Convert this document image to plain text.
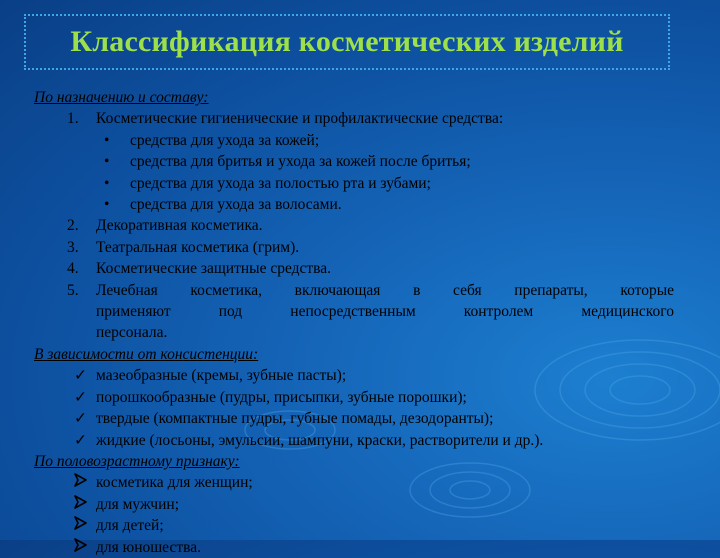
Классификация косметических изделий
По назначению и составу:
1. Косметические гигиенические и профилактические средства:
• средства для ухода за кожей;
• средства для бритья и ухода за кожей после бритья;
• средства для ухода за полостью рта и зубами;
• средства для ухода за волосами.
2. Декоративная косметика.
3. Театральная косметика (грим).
4. Косметические защитные средства.
5. Лечебная косметика, включающая в себя препараты, которые
применяют под непосредственным контролем медицинского
персонала.
В зависимости от консистенции:
✓ мазеобразные (кремы, зубные пасты);
✓ порошкообразные (пудры, присыпки, зубные порошки);
✓ твердые (компактные пудры, губные помады, дезодоранты);
✓ жидкие (лосьоны, эмульсии, шампуни, краски, растворители и др.).
По половозрастному признаку:
косметика для женщин;
для мужчин;
для детей;
для юношества.
